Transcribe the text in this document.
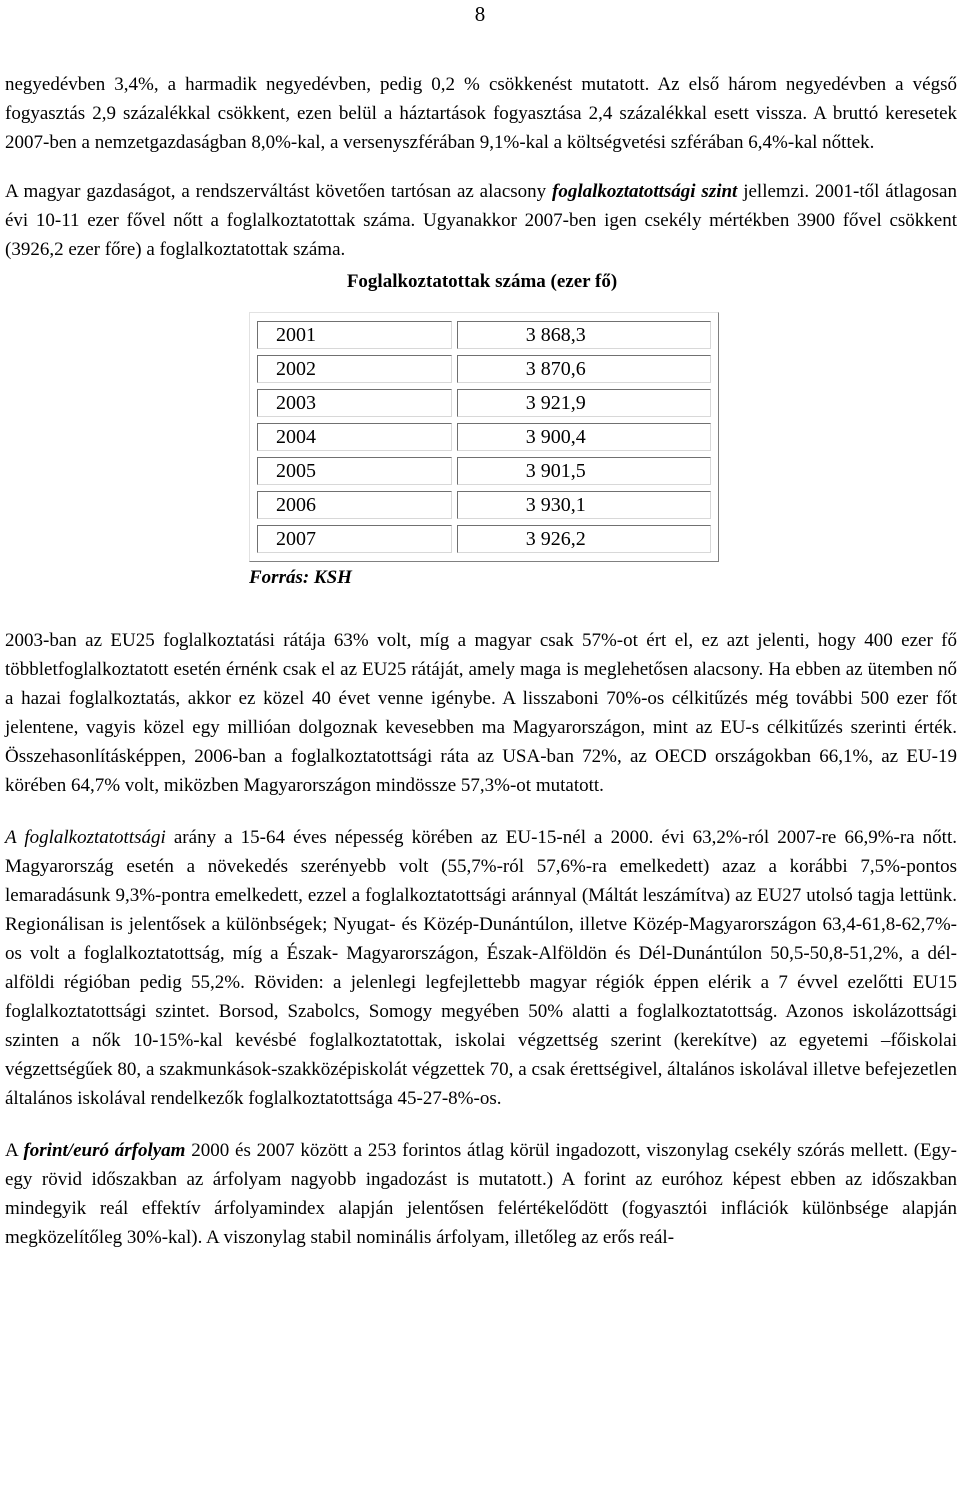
8

negyedévben 3,4%, a harmadik negyedévben, pedig 0,2 % csökkenést mutatott. Az első három negyedévben a végső fogyasztás 2,9 százalékkal csökkent, ezen belül a háztartások fogyasztása 2,4 százalékkal esett vissza. A bruttó keresetek 2007-ben a nemzetgazdaságban 8,0%-kal, a versenyszférában 9,1%-kal a költségvetési szférában 6,4%-kal nőttek.

A magyar gazdaságot, a rendszerváltást követően tartósan az alacsony foglalkoztatottsági szint jellemzi. 2001-től átlagosan évi 10-11 ezer fővel nőtt a foglalkoztatottak száma. Ugyanakkor 2007-ben igen csekély mértékben 3900 fővel csökkent (3926,2 ezer főre) a foglalkoztatottak száma.

Foglalkoztatottak száma (ezer fő)
2001	3 868,3
2002	3 870,6
2003	3 921,9
2004	3 900,4
2005	3 901,5
2006	3 930,1
2007	3 926,2
Forrás: KSH

2003-ban az EU25 foglalkoztatási rátája 63% volt, míg a magyar csak 57%-ot ért el, ez azt jelenti, hogy 400 ezer fő többletfoglalkoztatott esetén érnénk csak el az EU25 rátáját, amely maga is meglehetősen alacsony. Ha ebben az ütemben nő a hazai foglalkoztatás, akkor ez közel 40 évet venne igénybe. A lisszaboni 70%-os célkitűzés még további 500 ezer főt jelentene, vagyis közel egy millióan dolgoznak kevesebben ma Magyarországon, mint az EU-s célkitűzés szerinti érték. Összehasonlításképpen, 2006-ban a foglalkoztatottsági ráta az USA-ban 72%, az OECD országokban 66,1%, az EU-19 körében 64,7% volt, miközben Magyarországon mindössze 57,3%-ot mutatott.

A foglalkoztatottsági arány a 15-64 éves népesség körében az EU-15-nél a 2000. évi 63,2%-ról 2007-re 66,9%-ra nőtt. Magyarország esetén a növekedés szerényebb volt (55,7%-ról 57,6%-ra emelkedett) azaz a korábbi 7,5%-pontos lemaradásunk 9,3%-pontra emelkedett, ezzel a foglalkoztatottsági aránnyal (Máltát leszámítva) az EU27 utolsó tagja lettünk. Regionálisan is jelentősek a különbségek; Nyugat- és Közép-Dunántúlon, illetve Közép-Magyarországon 63,4-61,8-62,7%-os volt a foglalkoztatottság, míg a Észak- Magyarországon, Észak-Alföldön és Dél-Dunántúlon 50,5-50,8-51,2%, a dél-alföldi régióban pedig 55,2%. Röviden: a jelenlegi legfejlettebb magyar régiók éppen elérik a 7 évvel ezelőtti EU15 foglalkoztatottsági szintet. Borsod, Szabolcs, Somogy megyében 50% alatti a foglalkoztatottság. Azonos iskolázottsági szinten a nők 10-15%-kal kevésbé foglalkoztatottak, iskolai végzettség szerint (kerekítve) az egyetemi –főiskolai végzettségűek 80, a szakmunkások-szakközépiskolát végzettek 70, a csak érettségivel, általános iskolával illetve befejezetlen általános iskolával rendelkezők foglalkoztatottsága 45-27-8%-os.

A forint/euró árfolyam 2000 és 2007 között a 253 forintos átlag körül ingadozott, viszonylag csekély szórás mellett. (Egy-egy rövid időszakban az árfolyam nagyobb ingadozást is mutatott.) A forint az euróhoz képest ebben az időszakban mindegyik reál effektív árfolyamindex alapján jelentősen felértékelődött (fogyasztói inflációk különbsége alapján megközelítőleg 30%-kal). A viszonylag stabil nominális árfolyam, illetőleg az erős reál-
